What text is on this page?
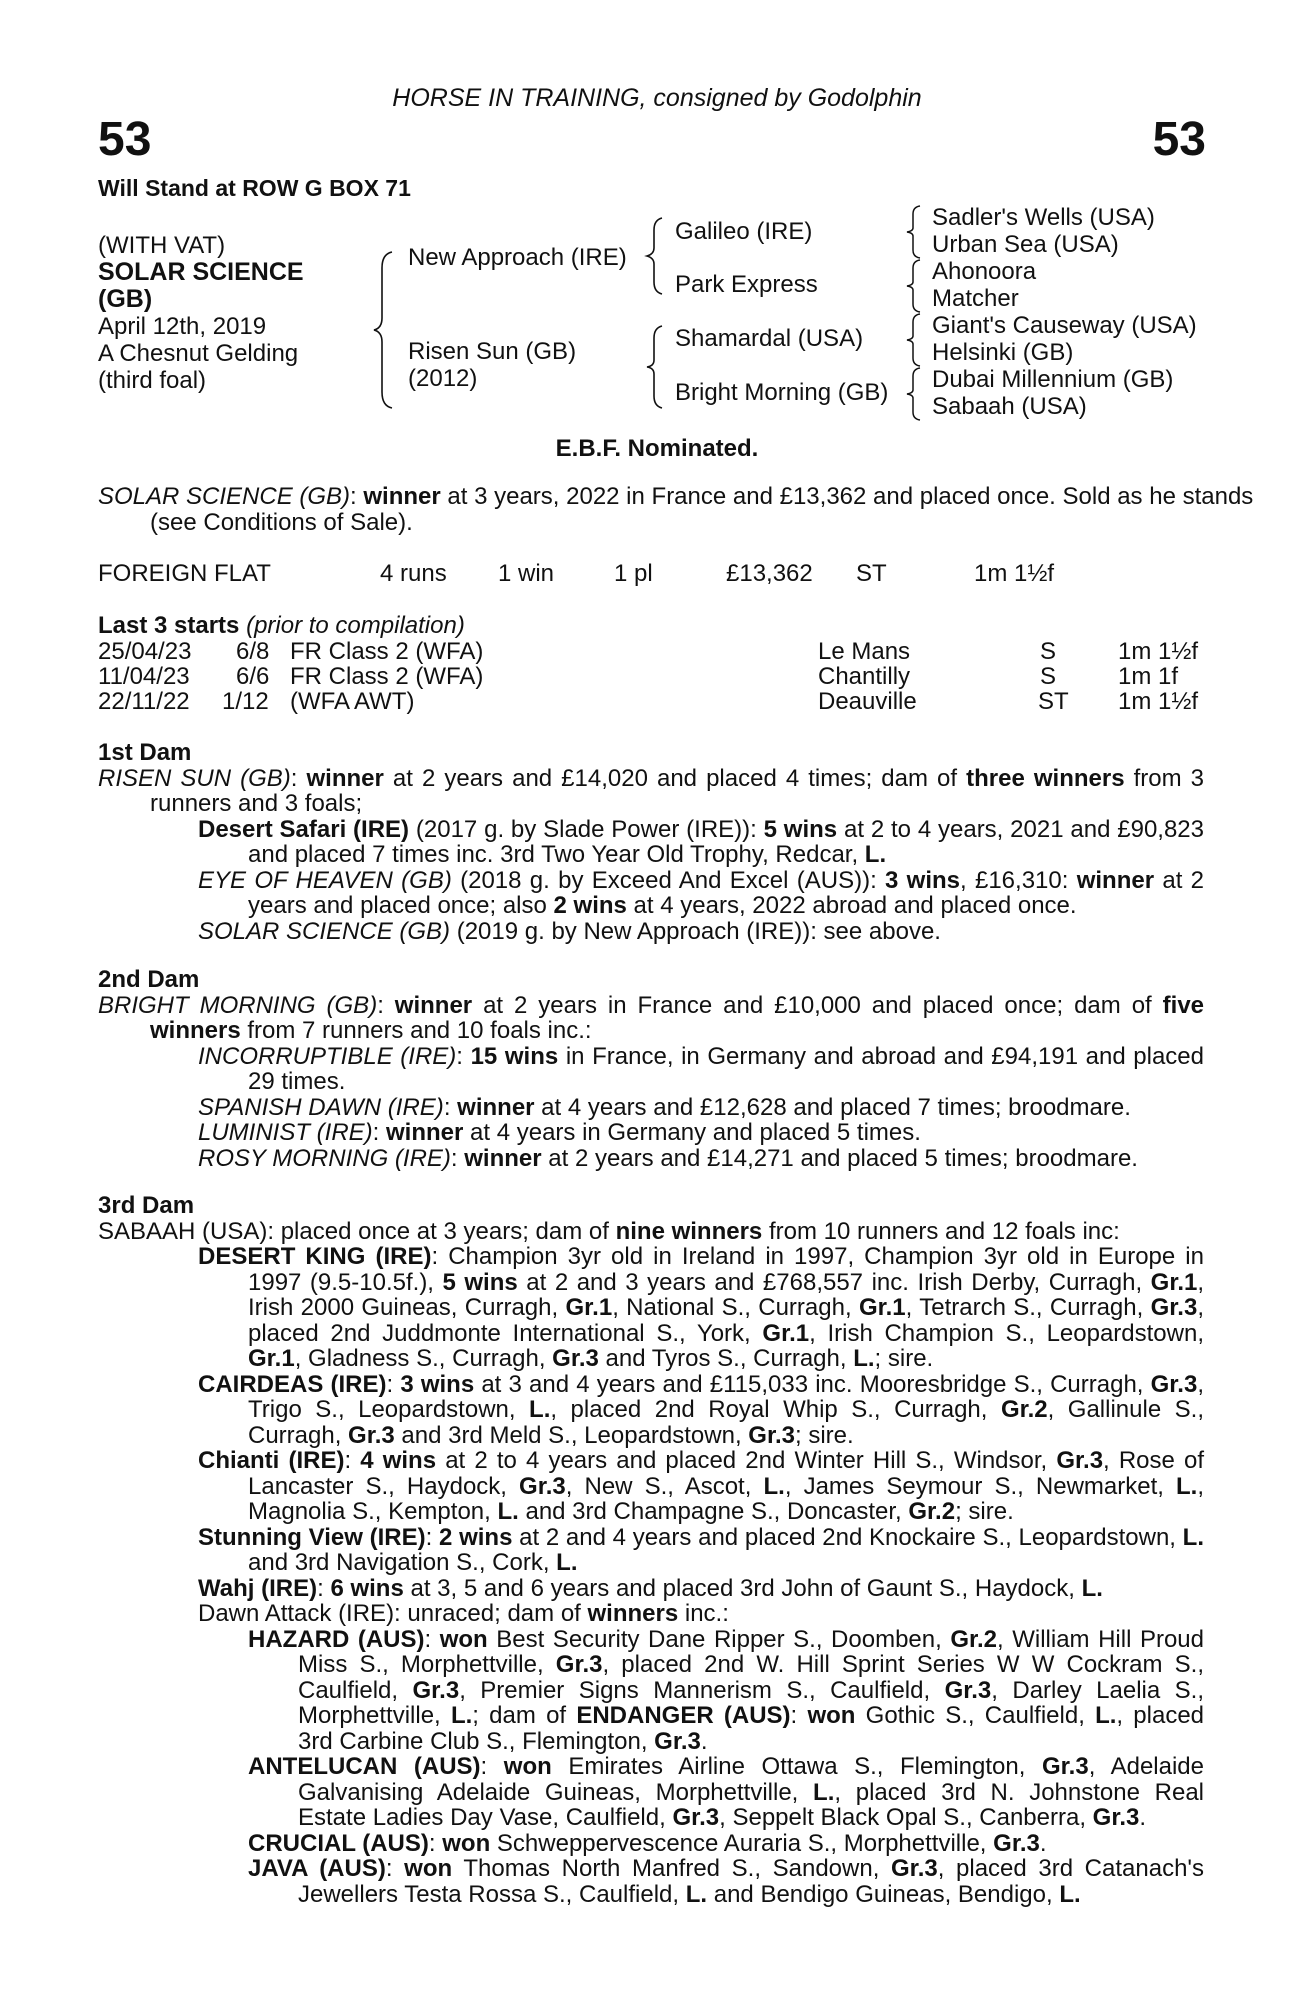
HORSE IN TRAINING, consigned by Godolphin
53	53
Will Stand at ROW G BOX 71
(WITH VAT)
SOLAR SCIENCE (GB)
April 12th, 2019
A Chesnut Gelding
(third foal)
New Approach (IRE)
Risen Sun (GB)
(2012)
Galileo (IRE)
Park Express
Shamardal (USA)
Bright Morning (GB)
Sadler's Wells (USA)
Urban Sea (USA)
Ahonoora
Matcher
Giant's Causeway (USA)
Helsinki (GB)
Dubai Millennium (GB)
Sabaah (USA)
E.B.F. Nominated.
SOLAR SCIENCE (GB): winner at 3 years, 2022 in France and £13,362 and placed once. Sold as he stands (see Conditions of Sale).
FOREIGN FLAT	4 runs 1 win 1 pl	£13,362 ST	1m 1½f
Last 3 starts (prior to compilation)
25/04/23 6/8 FR Class 2 (WFA)	Le Mans	S	1m 1½f
11/04/23 6/6 FR Class 2 (WFA)	Chantilly	S	1m 1f
22/11/22 1/12 (WFA AWT)	Deauville	ST 1m 1½f
1st Dam
RISEN SUN (GB): winner at 2 years and £14,020 and placed 4 times; dam of three winners from 3 runners and 3 foals;
Desert Safari (IRE) (2017 g. by Slade Power (IRE)): 5 wins at 2 to 4 years, 2021 and £90,823 and placed 7 times inc. 3rd Two Year Old Trophy, Redcar, L.
EYE OF HEAVEN (GB) (2018 g. by Exceed And Excel (AUS)): 3 wins, £16,310: winner at 2 years and placed once; also 2 wins at 4 years, 2022 abroad and placed once.
SOLAR SCIENCE (GB) (2019 g. by New Approach (IRE)): see above.
2nd Dam
BRIGHT MORNING (GB): winner at 2 years in France and £10,000 and placed once; dam of five winners from 7 runners and 10 foals inc.:
INCORRUPTIBLE (IRE): 15 wins in France, in Germany and abroad and £94,191 and placed 29 times.
SPANISH DAWN (IRE): winner at 4 years and £12,628 and placed 7 times; broodmare.
LUMINIST (IRE): winner at 4 years in Germany and placed 5 times.
ROSY MORNING (IRE): winner at 2 years and £14,271 and placed 5 times; broodmare.
3rd Dam
SABAAH (USA): placed once at 3 years; dam of nine winners from 10 runners and 12 foals inc:
DESERT KING (IRE): Champion 3yr old in Ireland in 1997, Champion 3yr old in Europe in 1997 (9.5-10.5f.), 5 wins at 2 and 3 years and £768,557 inc. Irish Derby, Curragh, Gr.1, Irish 2000 Guineas, Curragh, Gr.1, National S., Curragh, Gr.1, Tetrarch S., Curragh, Gr.3, placed 2nd Juddmonte International S., York, Gr.1, Irish Champion S., Leopardstown, Gr.1, Gladness S., Curragh, Gr.3 and Tyros S., Curragh, L.; sire.
CAIRDEAS (IRE): 3 wins at 3 and 4 years and £115,033 inc. Mooresbridge S., Curragh, Gr.3, Trigo S., Leopardstown, L., placed 2nd Royal Whip S., Curragh, Gr.2, Gallinule S., Curragh, Gr.3 and 3rd Meld S., Leopardstown, Gr.3; sire.
Chianti (IRE): 4 wins at 2 to 4 years and placed 2nd Winter Hill S., Windsor, Gr.3, Rose of Lancaster S., Haydock, Gr.3, New S., Ascot, L., James Seymour S., Newmarket, L., Magnolia S., Kempton, L. and 3rd Champagne S., Doncaster, Gr.2; sire.
Stunning View (IRE): 2 wins at 2 and 4 years and placed 2nd Knockaire S., Leopardstown, L. and 3rd Navigation S., Cork, L.
Wahj (IRE): 6 wins at 3, 5 and 6 years and placed 3rd John of Gaunt S., Haydock, L.
Dawn Attack (IRE): unraced; dam of winners inc.:
HAZARD (AUS): won Best Security Dane Ripper S., Doomben, Gr.2, William Hill Proud Miss S., Morphettville, Gr.3, placed 2nd W. Hill Sprint Series W W Cockram S., Caulfield, Gr.3, Premier Signs Mannerism S., Caulfield, Gr.3, Darley Laelia S., Morphettville, L.; dam of ENDANGER (AUS): won Gothic S., Caulfield, L., placed 3rd Carbine Club S., Flemington, Gr.3.
ANTELUCAN (AUS): won Emirates Airline Ottawa S., Flemington, Gr.3, Adelaide Galvanising Adelaide Guineas, Morphettville, L., placed 3rd N. Johnstone Real Estate Ladies Day Vase, Caulfield, Gr.3, Seppelt Black Opal S., Canberra, Gr.3.
CRUCIAL (AUS): won Schweppervescence Auraria S., Morphettville, Gr.3.
JAVA (AUS): won Thomas North Manfred S., Sandown, Gr.3, placed 3rd Catanach's Jewellers Testa Rossa S., Caulfield, L. and Bendigo Guineas, Bendigo, L.
